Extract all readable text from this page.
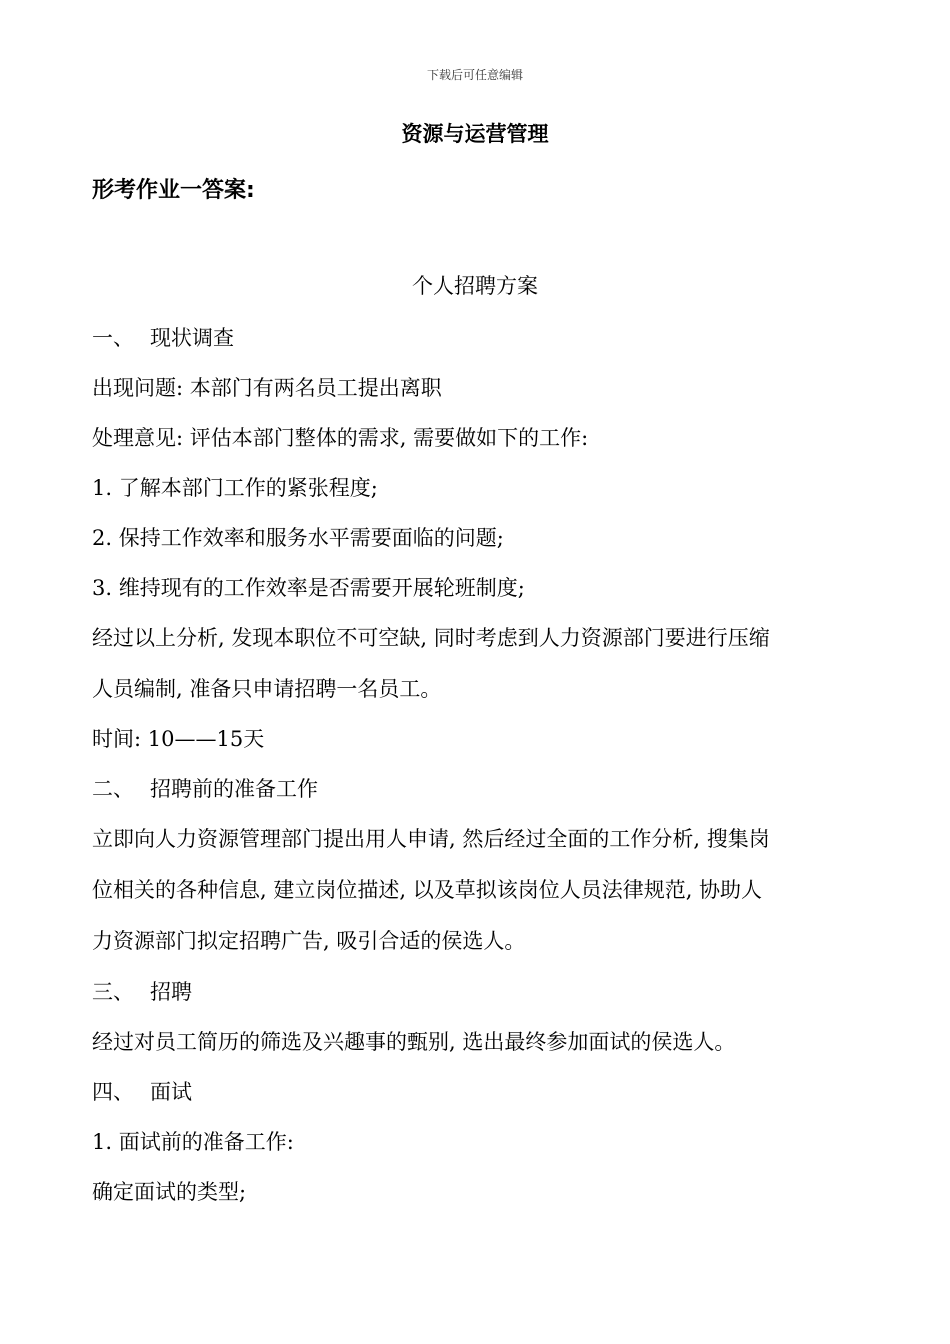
下载后可任意编辑
资源与运营管理
形考作业一答案:
个人招聘方案
一、 现状调查
出现问题: 本部门有两名员工提出离职
处理意见: 评估本部门整体的需求, 需要做如下的工作:
1. 了解本部门工作的紧张程度;
2. 保持工作效率和服务水平需要面临的问题;
3. 维持现有的工作效率是否需要开展轮班制度;
经过以上分析, 发现本职位不可空缺, 同时考虑到人力资源部门要进行压缩
人员编制, 准备只申请招聘一名员工。
时间: 10——15天
二、 招聘前的准备工作
立即向人力资源管理部门提出用人申请, 然后经过全面的工作分析, 搜集岗
位相关的各种信息, 建立岗位描述, 以及草拟该岗位人员法律规范, 协助人
力资源部门拟定招聘广告, 吸引合适的侯选人。
三、 招聘
经过对员工简历的筛选及兴趣事的甄别, 选出最终参加面试的侯选人。
四、 面试
1. 面试前的准备工作:
确定面试的类型;
